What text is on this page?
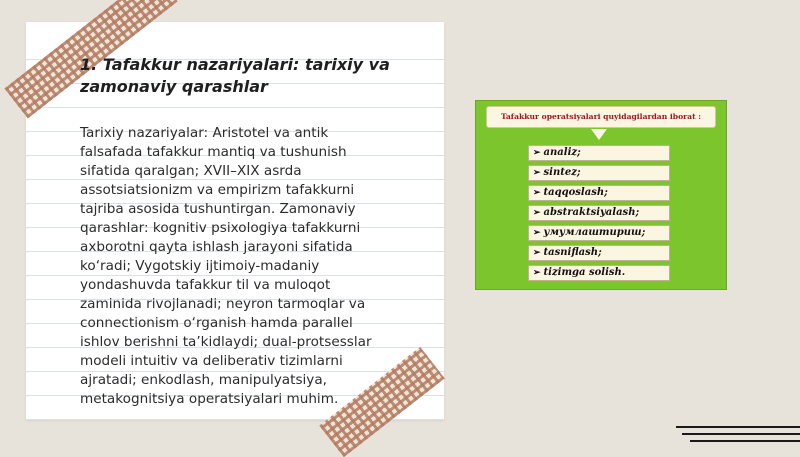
1. Tafakkur nazariyalari: tarixiy va zamonaviy qarashlar

Tarixiy nazariyalar: Aristotel va antik falsafada tafakkur mantiq va tushunish sifatida qaralgan; XVII–XIX asrda assotsiatsionizm va empirizm tafakkurni tajriba asosida tushuntirgan. Zamonaviy qarashlar: kognitiv psixologiya tafakkurni axborotni qayta ishlash jarayoni sifatida ko‘radi; Vygotskiy ijtimoiy-madaniy yondashuvda tafakkur til va muloqot zaminida rivojlanadi; neyron tarmoqlar va connectionism o‘rganish hamda parallel ishlov berishni ta’kidlaydi; dual-protsesslar modeli intuitiv va deliberativ tizimlarni ajratadi; enkodlash, manipulyatsiya, metakognitsiya operatsiyalari muhim.

Tafakkur operatsiyalari quyidagilardan iborat :
➢ analiz;
➢ sintez;
➢ taqqoslash;
➢ abstraktsiyalash;
➢ умумлаштириш;
➢ tasniflash;
➢ tizimga solish.
